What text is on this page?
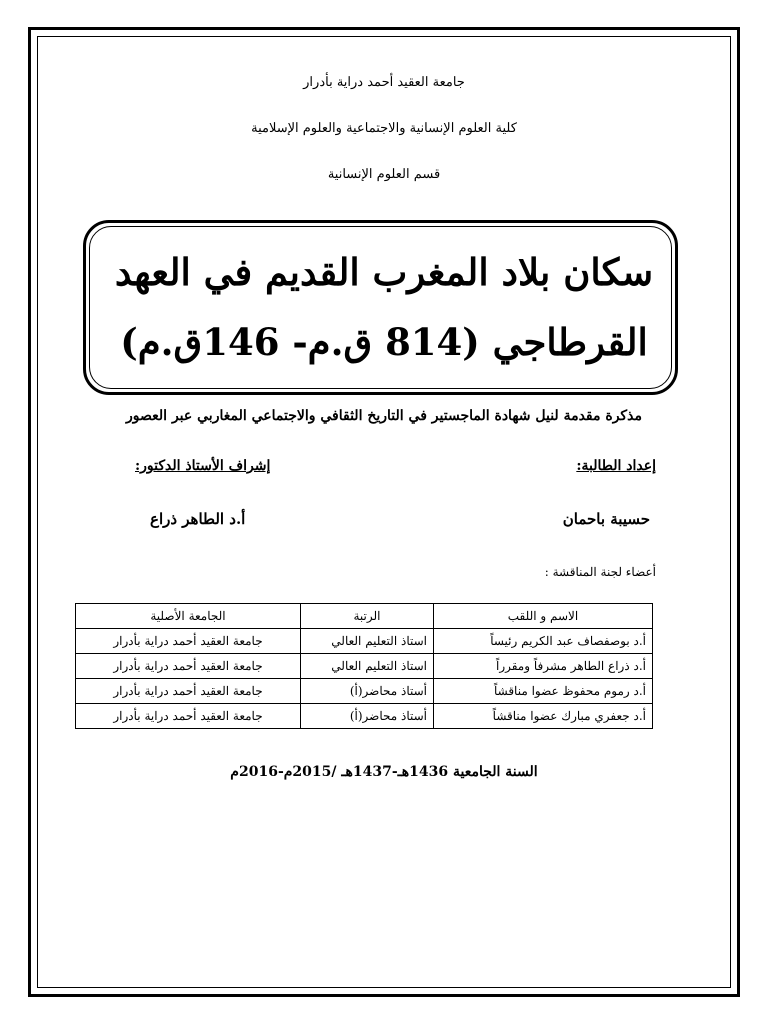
جامعة العقيد أحمد دراية بأدرار
كلية العلوم الإنسانية والاجتماعية والعلوم الإسلامية
قسم العلوم الإنسانية
سكان بلاد المغرب القديم في العهد
القرطاجي (814 ق.م- 146ق.م)
مذكرة مقدمة لنيل شهادة الماجستير في التاريخ الثقافي والاجتماعي المغاربي عبر العصور
إعداد الطالبة:
إشراف الأستاذ الدكتور:
حسيبة باحمان
أ.د الطاهر ذراع
أعضاء لجنة المناقشة :
الاسم و اللقب	الرتبة	الجامعة الأصلية
أ.د بوصفصاف عبد الكريم رئيساً	استاذ التعليم العالي	جامعة العقيد أحمد دراية بأدرار
أ.د ذراع الطاهر مشرفاً ومقرراً	استاذ التعليم العالي	جامعة العقيد أحمد دراية بأدرار
أ.د رموم محفوظ عضوا مناقشاً	أستاذ محاضر(أ)	جامعة العقيد أحمد دراية بأدرار
أ.د جعفري مبارك عضوا مناقشاً	أستاذ محاضر(أ)	جامعة العقيد أحمد دراية بأدرار
السنة الجامعية 1436هـ-1437هـ /2015م-2016م
